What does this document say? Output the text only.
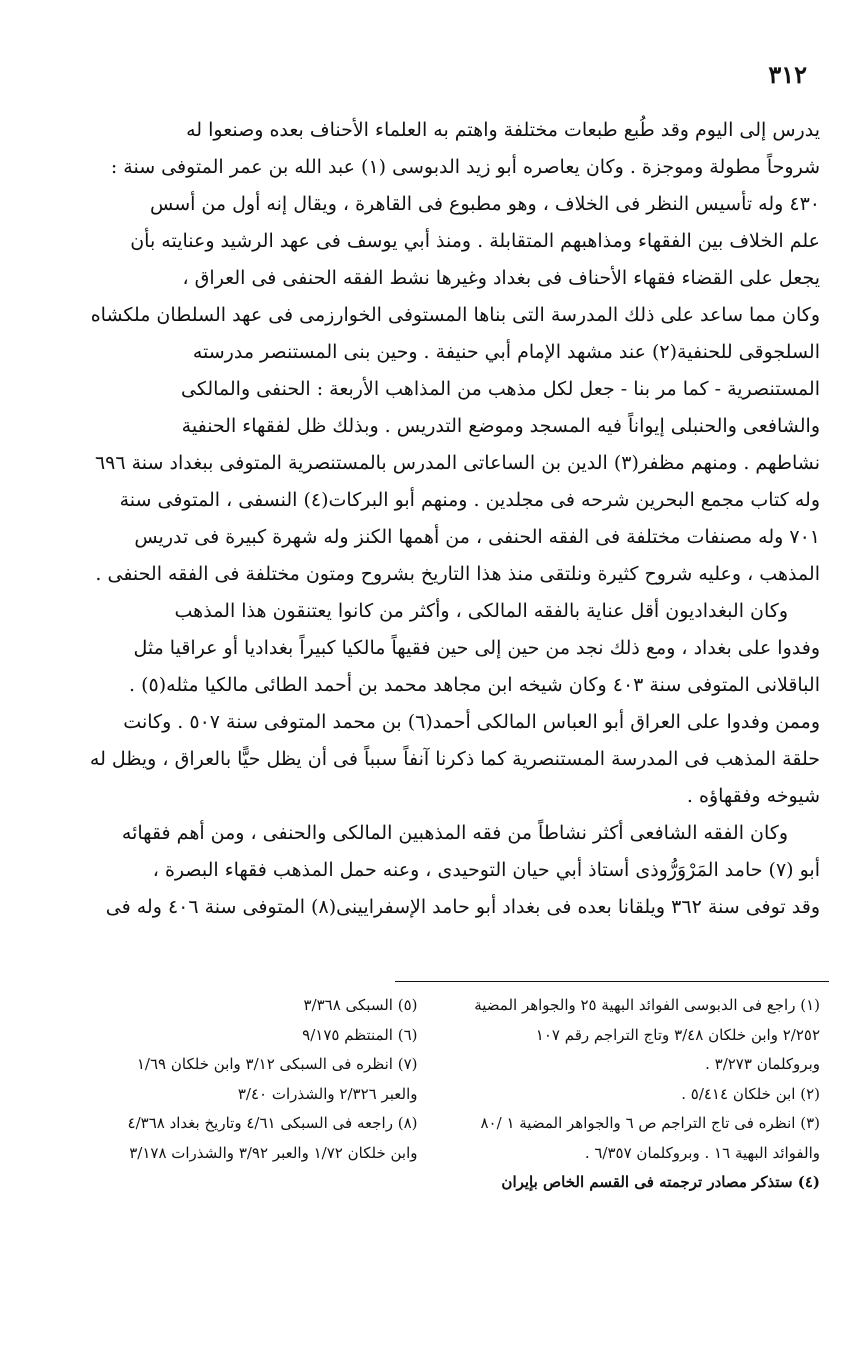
٣١٢
يدرس إلى اليوم وقد طُبع طبعات مختلفة واهتم به العلماء الأحناف بعده وصنعوا له
شروحاً مطولة وموجزة . وكان يعاصره أبو زيد الدبوسى (١) عبد الله بن عمر المتوفى سنة :
٤٣٠ وله تأسيس النظر فى الخلاف ، وهو مطبوع فى القاهرة ، ويقال إنه أول من أسس
علم الخلاف بين الفقهاء ومذاهبهم المتقابلة . ومنذ أبي يوسف فى عهد الرشيد وعنايته بأن
يجعل على القضاء فقهاء الأحناف فى بغداد وغيرها نشط الفقه الحنفى فى العراق ،
وكان مما ساعد على ذلك المدرسة التى بناها المستوفى الخوارزمى فى عهد السلطان ملكشاه
السلجوقى للحنفية(٢) عند مشهد الإمام أبي حنيفة . وحين بنى المستنصر مدرسته
المستنصرية - كما مر بنا - جعل لكل مذهب من المذاهب الأربعة : الحنفى والمالكى
والشافعى والحنبلى إيواناً فيه المسجد وموضع التدريس . وبذلك ظل لفقهاء الحنفية
نشاطهم . ومنهم مظفر(٣) الدين بن الساعاتى المدرس بالمستنصرية المتوفى ببغداد سنة ٦٩٦
وله كتاب مجمع البحرين شرحه فى مجلدين . ومنهم أبو البركات(٤) النسفى ، المتوفى سنة
٧٠١ وله مصنفات مختلفة فى الفقه الحنفى ، من أهمها الكنز وله شهرة كبيرة فى تدريس
المذهب ، وعليه شروح كثيرة ونلتقى منذ هذا التاريخ بشروح ومتون مختلفة فى الفقه الحنفى .
وكان البغداديون أقل عناية بالفقه المالكى ، وأكثر من كانوا يعتنقون هذا المذهب
وفدوا على بغداد ، ومع ذلك نجد من حين إلى حين فقيهاً مالكيا كبيراً بغداديا أو عراقيا مثل
الباقلانى المتوفى سنة ٤٠٣ وكان شيخه ابن مجاهد محمد بن أحمد الطائى مالكيا مثله(٥) .
وممن وفدوا على العراق أبو العباس المالكى أحمد(٦) بن محمد المتوفى سنة ٥٠٧ . وكانت
حلقة المذهب فى المدرسة المستنصرية كما ذكرنا آنفاً سبباً فى أن يظل حيًّا بالعراق ، ويظل له
شيوخه وفقهاؤه .
وكان الفقه الشافعى أكثر نشاطاً من فقه المذهبين المالكى والحنفى ، ومن أهم فقهائه
أبو (٧) حامد المَرْوَرُّوذى أستاذ أبي حيان التوحيدى ، وعنه حمل المذهب فقهاء البصرة ،
وقد توفى سنة ٣٦٢ ويلقانا بعده فى بغداد أبو حامد الإسفرايينى(٨) المتوفى سنة ٤٠٦ وله فى
(١) راجع فى الدبوسى الفوائد البهية ٢٥ والجواهر المضية
٢/٢٥٢ وابن خلكان ٣/٤٨ وتاج التراجم رقم ١٠٧
وبروكلمان ٣/٢٧٣ .
(٢) ابن خلكان ٥/٤١٤ .
(٣) انظره فى تاج التراجم ص ٦ والجواهر المضية ١ /٨٠
والفوائد البهية ١٦ . وبروكلمان ٦/٣٥٧ .
(٤) ستذكر مصادر ترجمته فى القسم الخاص بإيران
(٥) السبكى ٣/٣٦٨
(٦) المنتظم ٩/١٧٥
(٧) انظره فى السبكى ٣/١٢ وابن خلكان ١/٦٩
والعبر ٢/٣٢٦ والشذرات ٣/٤٠
(٨) راجعه فى السبكى ٤/٦١ وتاريخ بغداد ٤/٣٦٨
وابن خلكان ١/٧٢ والعبر ٣/٩٢ والشذرات ٣/١٧٨
